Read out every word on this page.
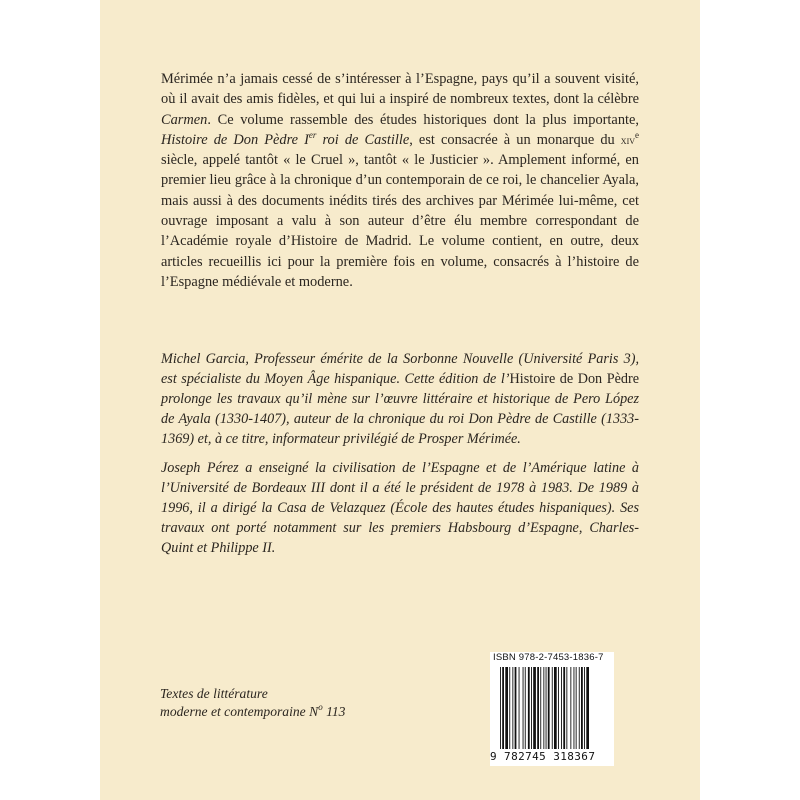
Mérimée n’a jamais cessé de s’intéresser à l’Espagne, pays qu’il a souvent visité, où il avait des amis fidèles, et qui lui a inspiré de nombreux textes, dont la célèbre Carmen. Ce volume rassemble des études historiques dont la plus importante, Histoire de Don Pèdre Ier roi de Castille, est consacrée à un monarque du xiv$^e$ siècle, appelé tantôt « le Cruel », tantôt « le Justicier ». Amplement informé, en premier lieu grâce à la chronique d’un contemporain de ce roi, le chancelier Ayala, mais aussi à des documents inédits tirés des archives par Mérimée lui-même, cet ouvrage imposant a valu à son auteur d’être élu membre correspondant de l’Académie royale d’Histoire de Madrid. Le volume contient, en outre, deux articles recueillis ici pour la première fois en volume, consacrés à l’histoire de l’Espagne médiévale et moderne.

Michel Garcia, Professeur émérite de la Sorbonne Nouvelle (Université Paris 3), est spécialiste du Moyen Âge hispanique. Cette édition de l’Histoire de Don Pèdre prolonge les travaux qu’il mène sur l’œuvre littéraire et historique de Pero López de Ayala (1330-1407), auteur de la chronique du roi Don Pèdre de Castille (1333-1369) et, à ce titre, informateur privilégié de Prosper Mérimée.

Joseph Pérez a enseigné la civilisation de l’Espagne et de l’Amérique latine à l’Université de Bordeaux III dont il a été le président de 1978 à 1983. De 1989 à 1996, il a dirigé la Casa de Velazquez (École des hautes études hispaniques). Ses travaux ont porté notamment sur les premiers Habsbourg d’Espagne, Charles-Quint et Philippe II.

Textes de littérature
moderne et contemporaine $N^o$ 113
ISBN 978-2-7453-1836-7
9 782745 318367
